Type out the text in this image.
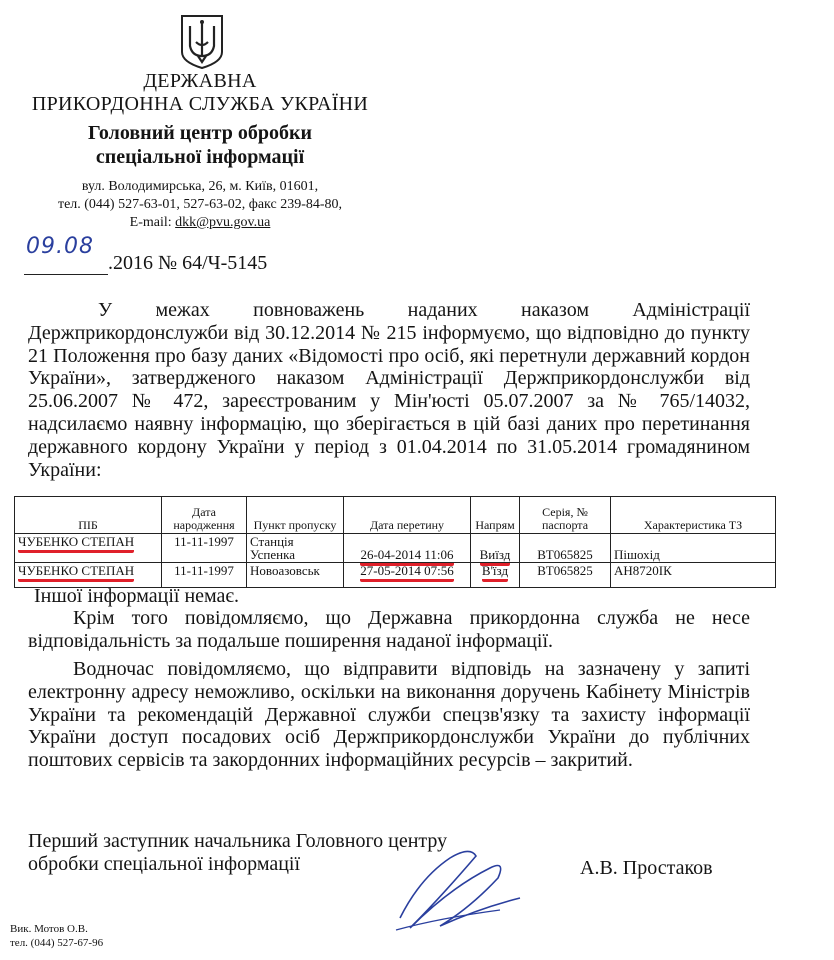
ДЕРЖАВНА
ПРИКОРДОННА СЛУЖБА УКРАЇНИ
Головний центр обробки
спеціальної інформації
вул. Володимирська, 26, м. Київ, 01601,
тел. (044) 527-63-01, 527-63-02, факс 239-84-80,
E-mail: dkk@pvu.gov.ua
09.08
.2016 № 64/Ч-5145
У межах повноважень наданих наказом Адміністрації Держприкордонслужби від 30.12.2014 № 215 інформуємо, що відповідно до пункту 21 Положення про базу даних «Відомості про осіб, які перетнули державний кордон України», затвердженого наказом Адміністрації Держприкордонслужби від 25.06.2007 № 472, зареєстрованим у Мін'юсті 05.07.2007 за № 765/14032, надсилаємо наявну інформацію, що зберігається в цій базі даних про перетинання державного кордону України у період з 01.04.2014 по 31.05.2014 громадянином України:
ПІБ	Дата народження	Пункт пропуску	Дата перетину	Напрям	Серія, № паспорта	Характеристика ТЗ
ЧУБЕНКО СТЕПАН	11-11-1997	Станція Успенка	26-04-2014 11:06	Виїзд	ВТ065825	Пішохід
ЧУБЕНКО СТЕПАН	11-11-1997	Новоазовськ	27-05-2014 07:56	В'їзд	ВТ065825	АН8720ІК
Іншої інформації немає.
Крім того повідомляємо, що Державна прикордонна служба не несе відповідальність за подальше поширення наданої інформації.
Водночас повідомляємо, що відправити відповідь на зазначену у запиті електронну адресу неможливо, оскільки на виконання доручень Кабінету Міністрів України та рекомендацій Державної служби спецзв'язку та захисту інформації України доступ посадових осіб Держприкордонслужби України до публічних поштових сервісів та закордонних інформаційних ресурсів – закритий.
Перший заступник начальника Головного центру
обробки спеціальної інформації	А.В. Простаков
Вик. Мотов О.В.
тел. (044) 527-67-96
